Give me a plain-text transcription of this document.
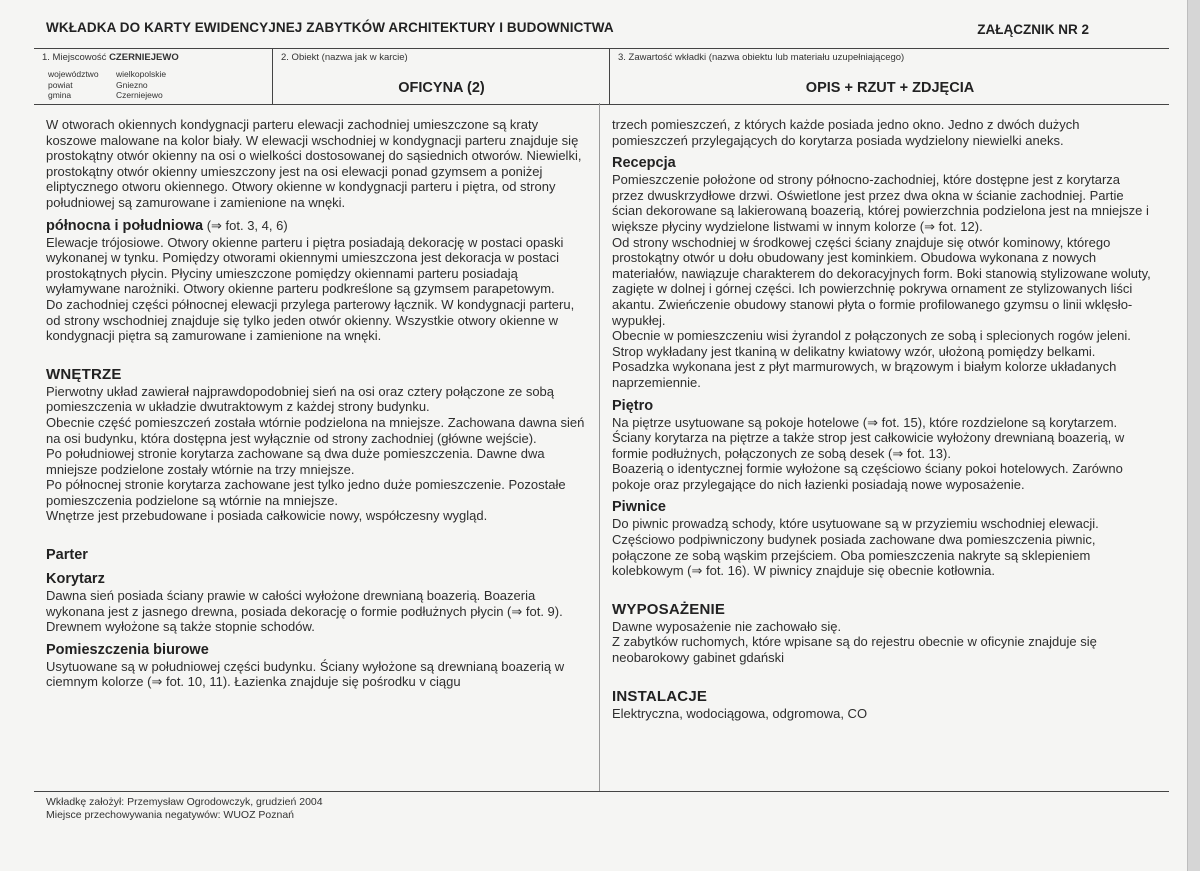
WKŁADKA DO KARTY EWIDENCYJNEJ ZABYTKÓW ARCHITEKTURY I BUDOWNICTWA	ZAŁĄCZNIK NR 2
1. Miejscowość CZERNIEJEWO
województwo wielkopolskie
powiat	Gniezno
gmina	Czerniejewo
2. Obiekt (nazwa jak w karcie)
OFICYNA (2)
3. Zawartość wkładki (nazwa obiektu lub materiału uzupełniającego)
OPIS + RZUT + ZDJĘCIA

W otworach okiennych kondygnacji parteru elewacji zachodniej umieszczone są kraty koszowe malowane na kolor biały. W elewacji wschodniej w kondygnacji parteru znajduje się prostokątny otwór okienny na osi o wielkości dostosowanej do sąsiednich otworów. Niewielki, prostokątny otwór okienny umieszczony jest na osi elewacji ponad gzymsem a poniżej eliptycznego otworu okiennego. Otwory okienne w kondygnacji parteru i piętra, od strony południowej są zamurowane i zamienione na wnęki.

północna i południowa (⇒ fot. 3, 4, 6)

Elewacje trójosiowe. Otwory okienne parteru i piętra posiadają dekorację w postaci opaski wykonanej w tynku. Pomiędzy otworami okiennymi umieszczona jest dekoracja w postaci prostokątnych płycin. Płyciny umieszczone pomiędzy okiennami parteru posiadają wyłamywane narożniki. Otwory okienne parteru podkreślone są gzymsem parapetowym.

Do zachodniej części północnej elewacji przylega parterowy łącznik. W kondygnacji parteru, od strony wschodniej znajduje się tylko jeden otwór okienny. Wszystkie otwory okienne w kondygnacji piętra są zamurowane i zamienione na wnęki.

WNĘTRZE

Pierwotny układ zawierał najprawdopodobniej sień na osi oraz cztery połączone ze sobą pomieszczenia w układzie dwutraktowym z każdej strony budynku.

Obecnie część pomieszczeń została wtórnie podzielona na mniejsze. Zachowana dawna sień na osi budynku, która dostępna jest wyłącznie od strony zachodniej (główne wejście).

Po południowej stronie korytarza zachowane są dwa duże pomieszczenia. Dawne dwa mniejsze podzielone zostały wtórnie na trzy mniejsze.

Po północnej stronie korytarza zachowane jest tylko jedno duże pomieszczenie. Pozostałe pomieszczenia podzielone są wtórnie na mniejsze.

Wnętrze jest przebudowane i posiada całkowicie nowy, współczesny wygląd.

Parter

Korytarz

Dawna sień posiada ściany prawie w całości wyłożone drewnianą boazerią. Boazeria wykonana jest z jasnego drewna, posiada dekorację o formie podłużnych płycin (⇒ fot. 9). Drewnem wyłożone są także stopnie schodów.

Pomieszczenia biurowe

Usytuowane są w południowej części budynku. Ściany wyłożone są drewnianą boazerią w ciemnym kolorze (⇒ fot. 10, 11). Łazienka znajduje się pośrodku v ciągu

trzech pomieszczeń, z których każde posiada jedno okno. Jedno z dwóch dużych pomieszczeń przylegających do korytarza posiada wydzielony niewielki aneks.

Recepcja

Pomieszczenie położone od strony północno-zachodniej, które dostępne jest z korytarza przez dwuskrzydłowe drzwi. Oświetlone jest przez dwa okna w ścianie zachodniej. Partie ścian dekorowane są lakierowaną boazerią, której powierzchnia podzielona jest na mniejsze i większe płyciny wydzielone listwami w innym kolorze (⇒ fot. 12).

Od strony wschodniej w środkowej części ściany znajduje się otwór kominowy, którego prostokątny otwór u dołu obudowany jest kominkiem. Obudowa wykonana z nowych materiałów, nawiązuje charakterem do dekoracyjnych form. Boki stanowią stylizowane woluty, zagięte w dolnej i górnej części. Ich powierzchnię pokrywa ornament ze stylizowanych liści akantu. Zwieńczenie obudowy stanowi płyta o formie profilowanego gzymsu o linii wklęsło-wypukłej.

Obecnie w pomieszczeniu wisi żyrandol z połączonych ze sobą i splecionych rogów jeleni. Strop wykładany jest tkaniną w delikatny kwiatowy wzór, ułożoną pomiędzy belkami. Posadzka wykonana jest z płyt marmurowych, w brązowym i białym kolorze układanych naprzemiennie.

Piętro

Na piętrze usytuowane są pokoje hotelowe (⇒ fot. 15), które rozdzielone są korytarzem. Ściany korytarza na piętrze a także strop jest całkowicie wyłożony drewnianą boazerią, w formie podłużnych, połączonych ze sobą desek (⇒ fot. 13).

Boazerią o identycznej formie wyłożone są częściowo ściany pokoi hotelowych. Zarówno pokoje oraz przylegające do nich łazienki posiadają nowe wyposażenie.

Piwnice

Do piwnic prowadzą schody, które usytuowane są w przyziemiu wschodniej elewacji. Częściowo podpiwniczony budynek posiada zachowane dwa pomieszczenia piwnic, połączone ze sobą wąskim przejściem. Oba pomieszczenia nakryte są sklepieniem kolebkowym (⇒ fot. 16). W piwnicy znajduje się obecnie kotłownia.

WYPOSAŻENIE

Dawne wyposażenie nie zachowało się.

Z zabytków ruchomych, które wpisane są do rejestru obecnie w oficynie znajduje się neobarokowy gabinet gdański

INSTALACJE

Elektryczna, wodociągowa, odgromowa, CO

Wkładkę założył: Przemysław Ogrodowczyk, grudzień 2004
Miejsce przechowywania negatywów: WUOZ Poznań
